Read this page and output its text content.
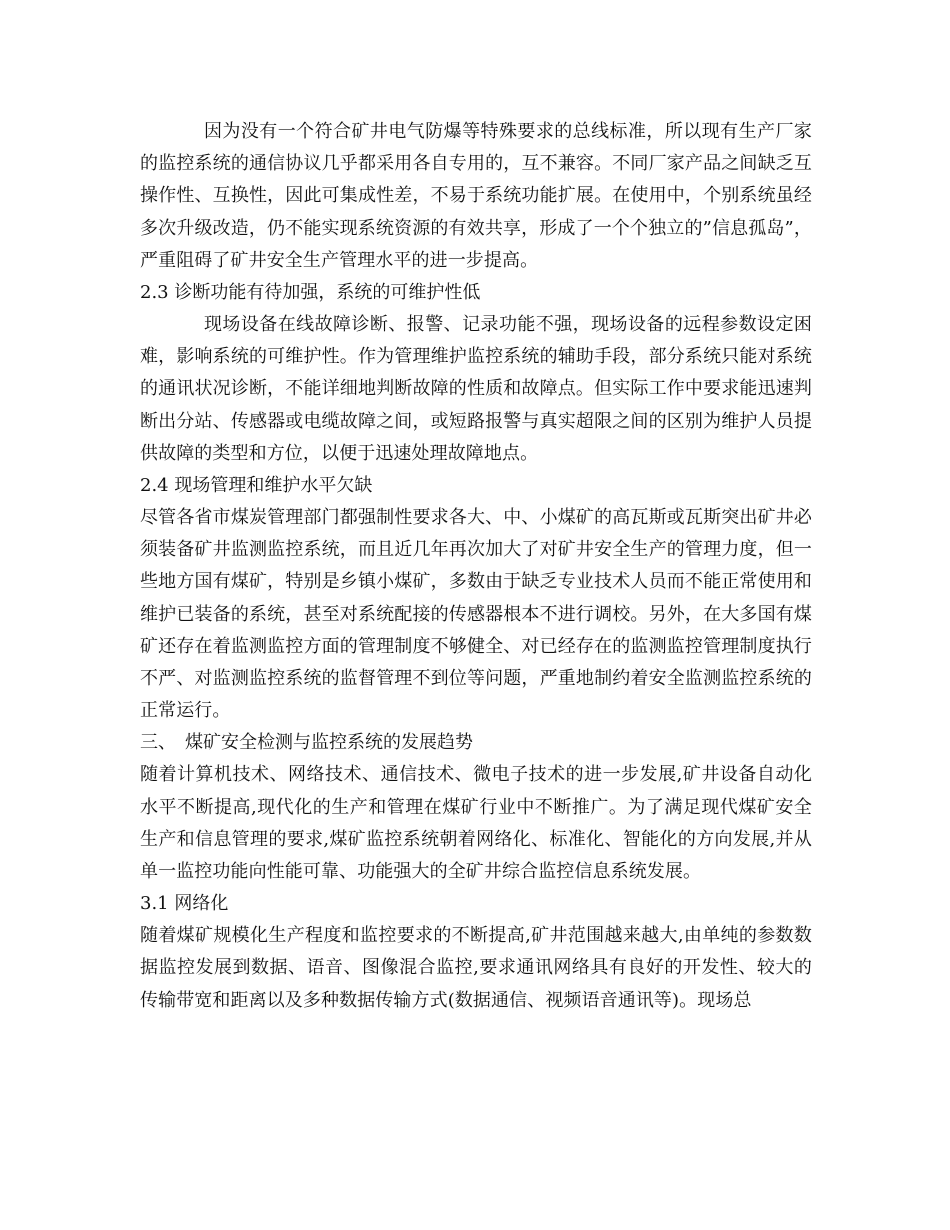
因为没有一个符合矿井电气防爆等特殊要求的总线标准，所以现有生产厂家的监控系统的通信协议几乎都采用各自专用的，互不兼容。不同厂家产品之间缺乏互操作性、互换性，因此可集成性差，不易于系统功能扩展。在使用中，个别系统虽经多次升级改造，仍不能实现系统资源的有效共享，形成了一个个独立的”信息孤岛”，严重阻碍了矿井安全生产管理水平的进一步提高。

2.3 诊断功能有待加强，系统的可维护性低

现场设备在线故障诊断、报警、记录功能不强，现场设备的远程参数设定困难，影响系统的可维护性。作为管理维护监控系统的辅助手段，部分系统只能对系统的通讯状况诊断，不能详细地判断故障的性质和故障点。但实际工作中要求能迅速判断出分站、传感器或电缆故障之间，或短路报警与真实超限之间的区别为维护人员提供故障的类型和方位，以便于迅速处理故障地点。

2.4 现场管理和维护水平欠缺

尽管各省市煤炭管理部门都强制性要求各大、中、小煤矿的高瓦斯或瓦斯突出矿井必须装备矿井监测监控系统，而且近几年再次加大了对矿井安全生产的管理力度，但一些地方国有煤矿，特别是乡镇小煤矿，多数由于缺乏专业技术人员而不能正常使用和维护已装备的系统，甚至对系统配接的传感器根本不进行调校。另外，在大多国有煤矿还存在着监测监控方面的管理制度不够健全、对已经存在的监测监控管理制度执行不严、对监测监控系统的监督管理不到位等问题，严重地制约着安全监测监控系统的正常运行。

三、　煤矿安全检测与监控系统的发展趋势

随着计算机技术、网络技术、通信技术、微电子技术的进一步发展,矿井设备自动化水平不断提高,现代化的生产和管理在煤矿行业中不断推广。为了满足现代煤矿安全生产和信息管理的要求,煤矿监控系统朝着网络化、标准化、智能化的方向发展,并从单一监控功能向性能可靠、功能强大的全矿井综合监控信息系统发展。

3.1 网络化

随着煤矿规模化生产程度和监控要求的不断提高,矿井范围越来越大,由单纯的参数数据监控发展到数据、语音、图像混合监控,要求通讯网络具有良好的开发性、较大的传输带宽和距离以及多种数据传输方式(数据通信、视频语音通讯等)。现场总
